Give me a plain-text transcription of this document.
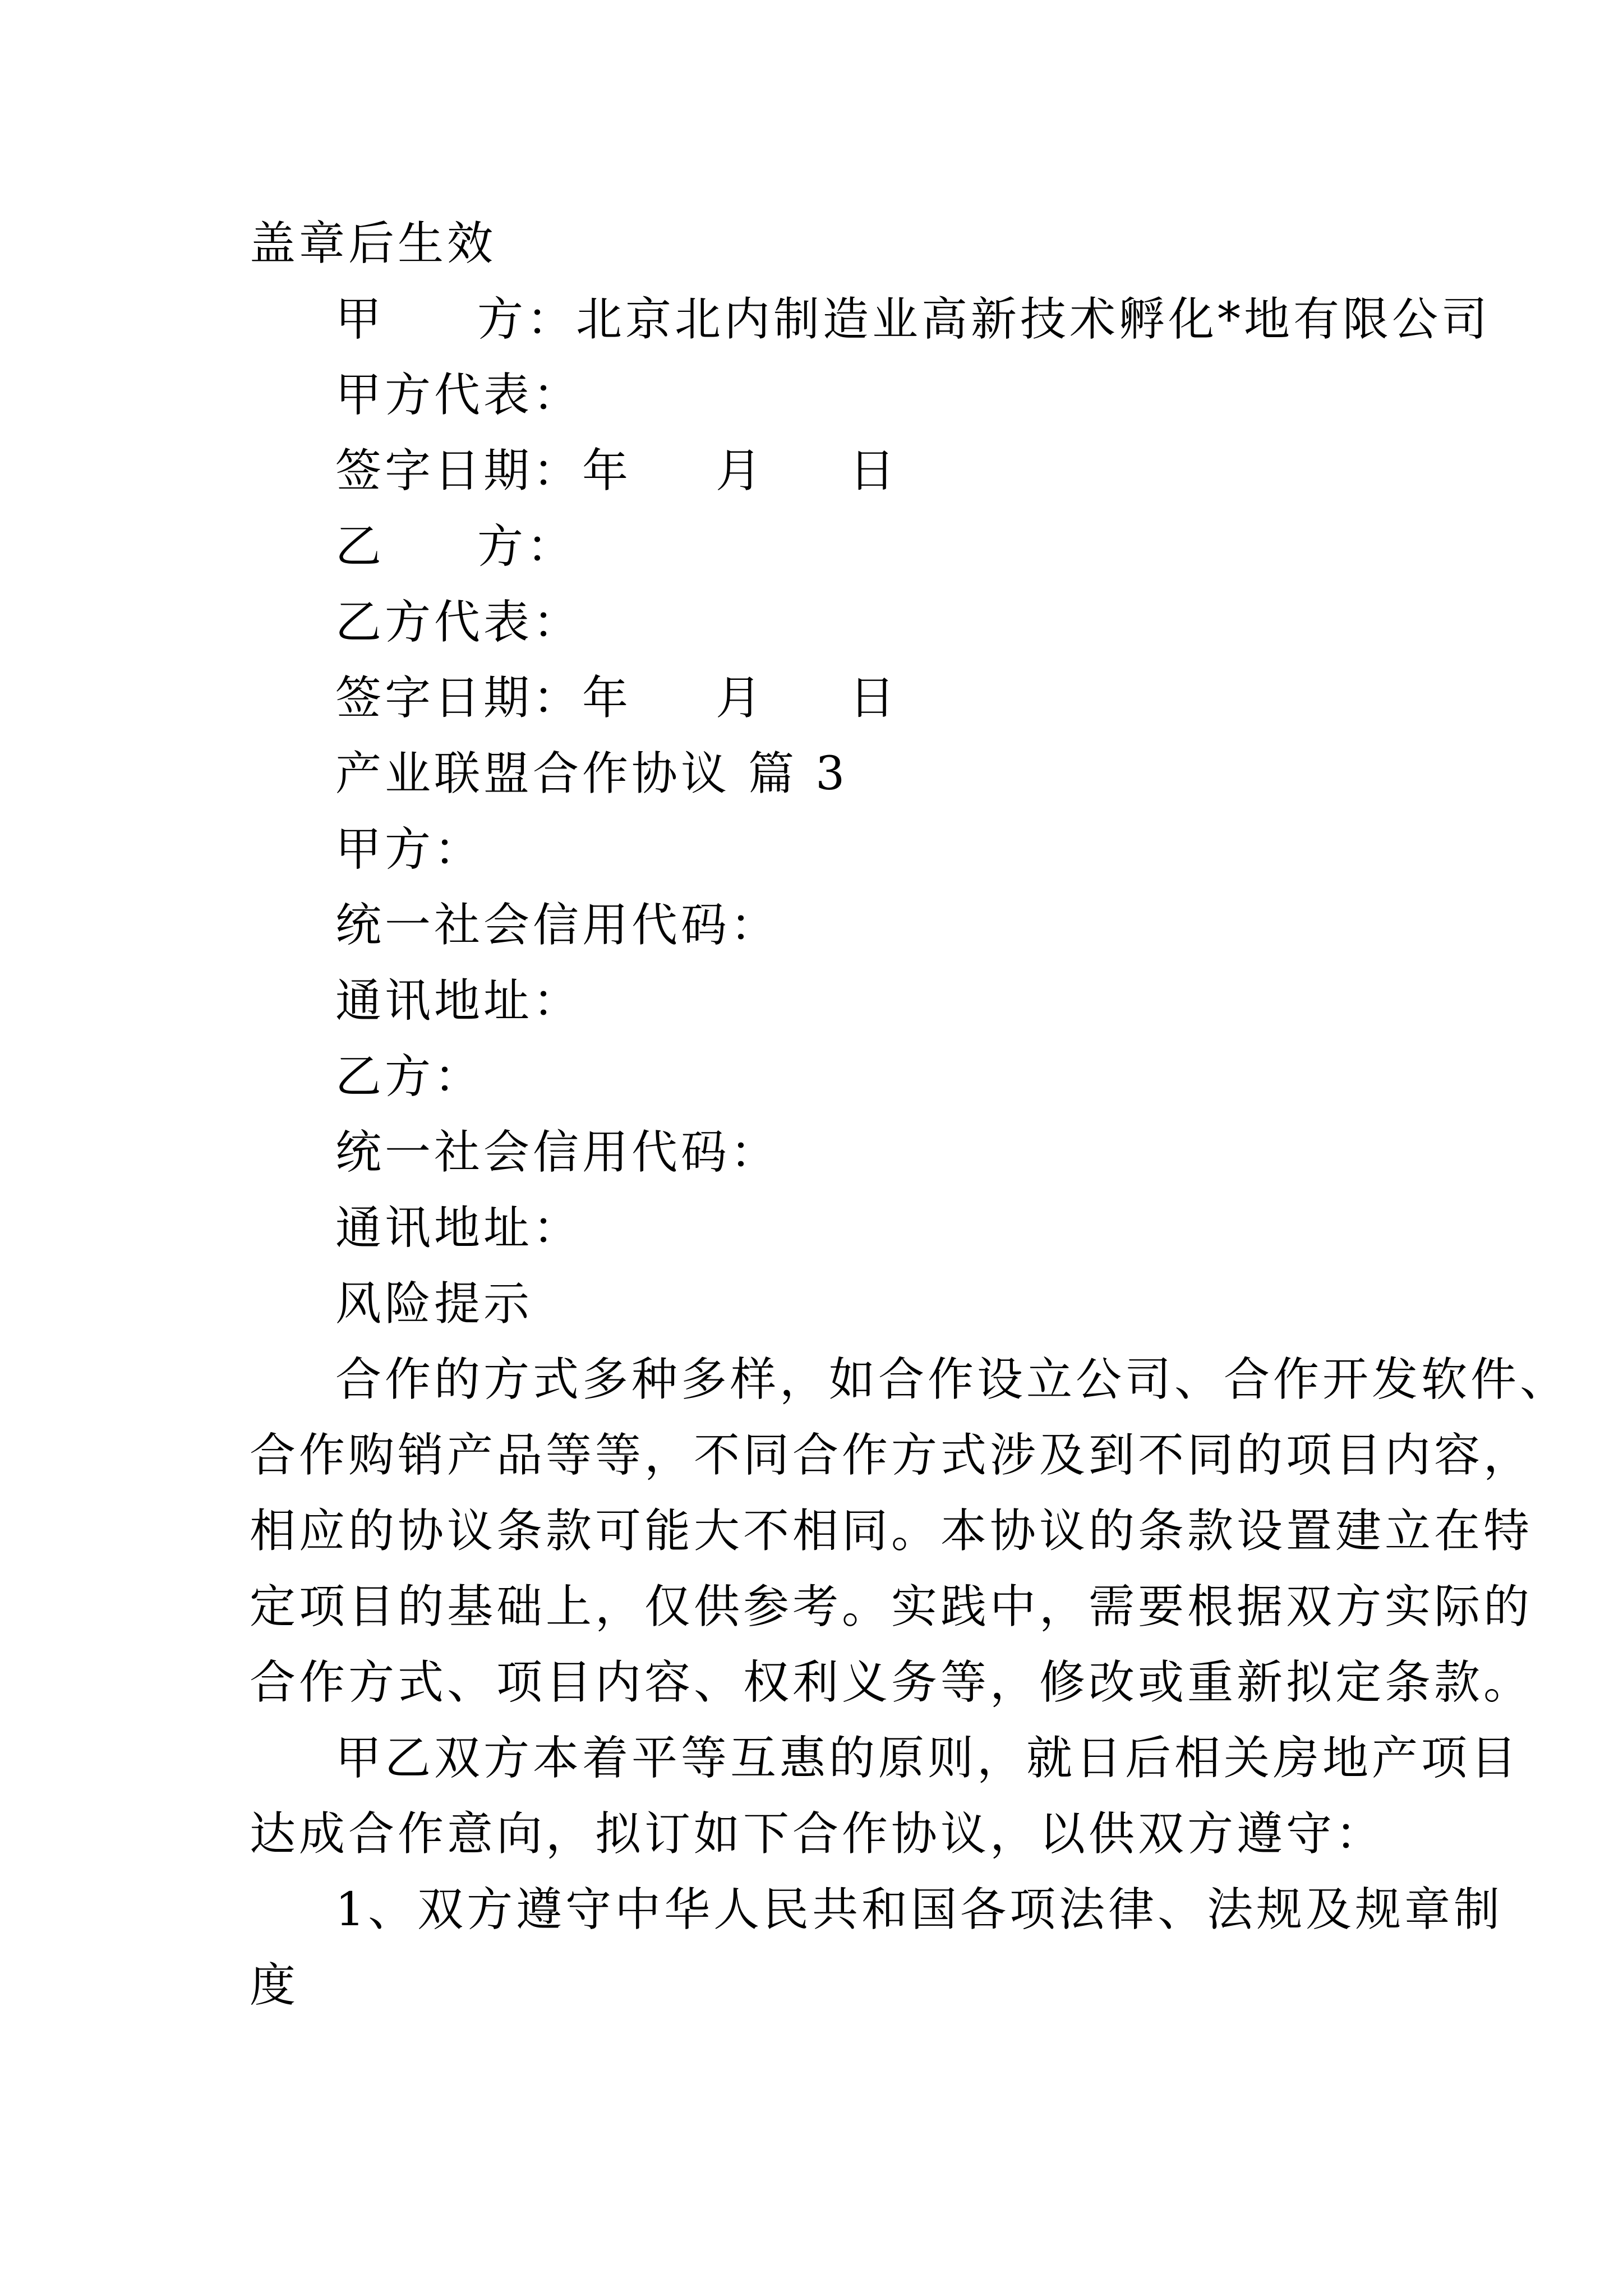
盖章后生效
甲 方：北京北内制造业高新技术孵化*地有限公司
甲方代表：
签字日期：年 月 日
乙 方：
乙方代表：
签字日期：年 月 日
产业联盟合作协议 篇 3
甲方：
统一社会信用代码：
通讯地址：
乙方：
统一社会信用代码：
通讯地址：
风险提示
合作的方式多种多样，如合作设立公司、合作开发软件、
合作购销产品等等，不同合作方式涉及到不同的项目内容，
相应的协议条款可能大不相同。本协议的条款设置建立在特
定项目的基础上，仅供参考。实践中，需要根据双方实际的
合作方式、项目内容、权利义务等，修改或重新拟定条款。
甲乙双方本着平等互惠的原则，就日后相关房地产项目
达成合作意向，拟订如下合作协议，以供双方遵守：
1、双方遵守中华人民共和国各项法律、法规及规章制
度
